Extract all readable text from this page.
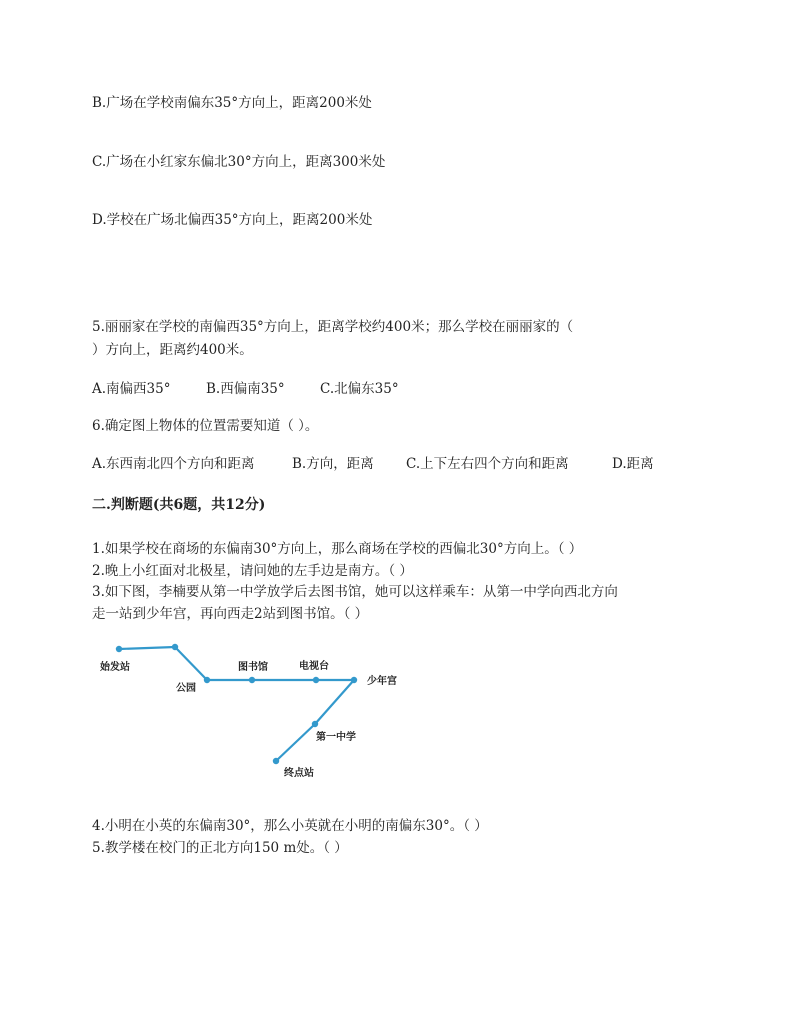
B.广场在学校南偏东35°方向上，距离200米处
C.广场在小红家东偏北30°方向上，距离300米处
D.学校在广场北偏西35°方向上，距离200米处
5.丽丽家在学校的南偏西35°方向上，距离学校约400米；那么学校在丽丽家的（
）方向上，距离约400米。
A.南偏西35°	B.西偏南35°	C.北偏东35°
6.确定图上物体的位置需要知道（ ）。
A.东西南北四个方向和距离	B.方向，距离 C.上下左右四个方向和距离	D.距离
二.判断题(共6题，共12分)
1.如果学校在商场的东偏南30°方向上，那么商场在学校的西偏北30°方向上。（ ）
2.晚上小红面对北极星，请问她的左手边是南方。（ ）
3.如下图，李楠要从第一中学放学后去图书馆，她可以这样乘车：从第一中学向西北方向
走一站到少年宫，再向西走2站到图书馆。（ ）
始发站
公园
图书馆	电视台
少年宫
第一中学
终点站
4.小明在小英的东偏南30°，那么小英就在小明的南偏东30°。（ ）
5.教学楼在校门的正北方向150 m处。（ ）
